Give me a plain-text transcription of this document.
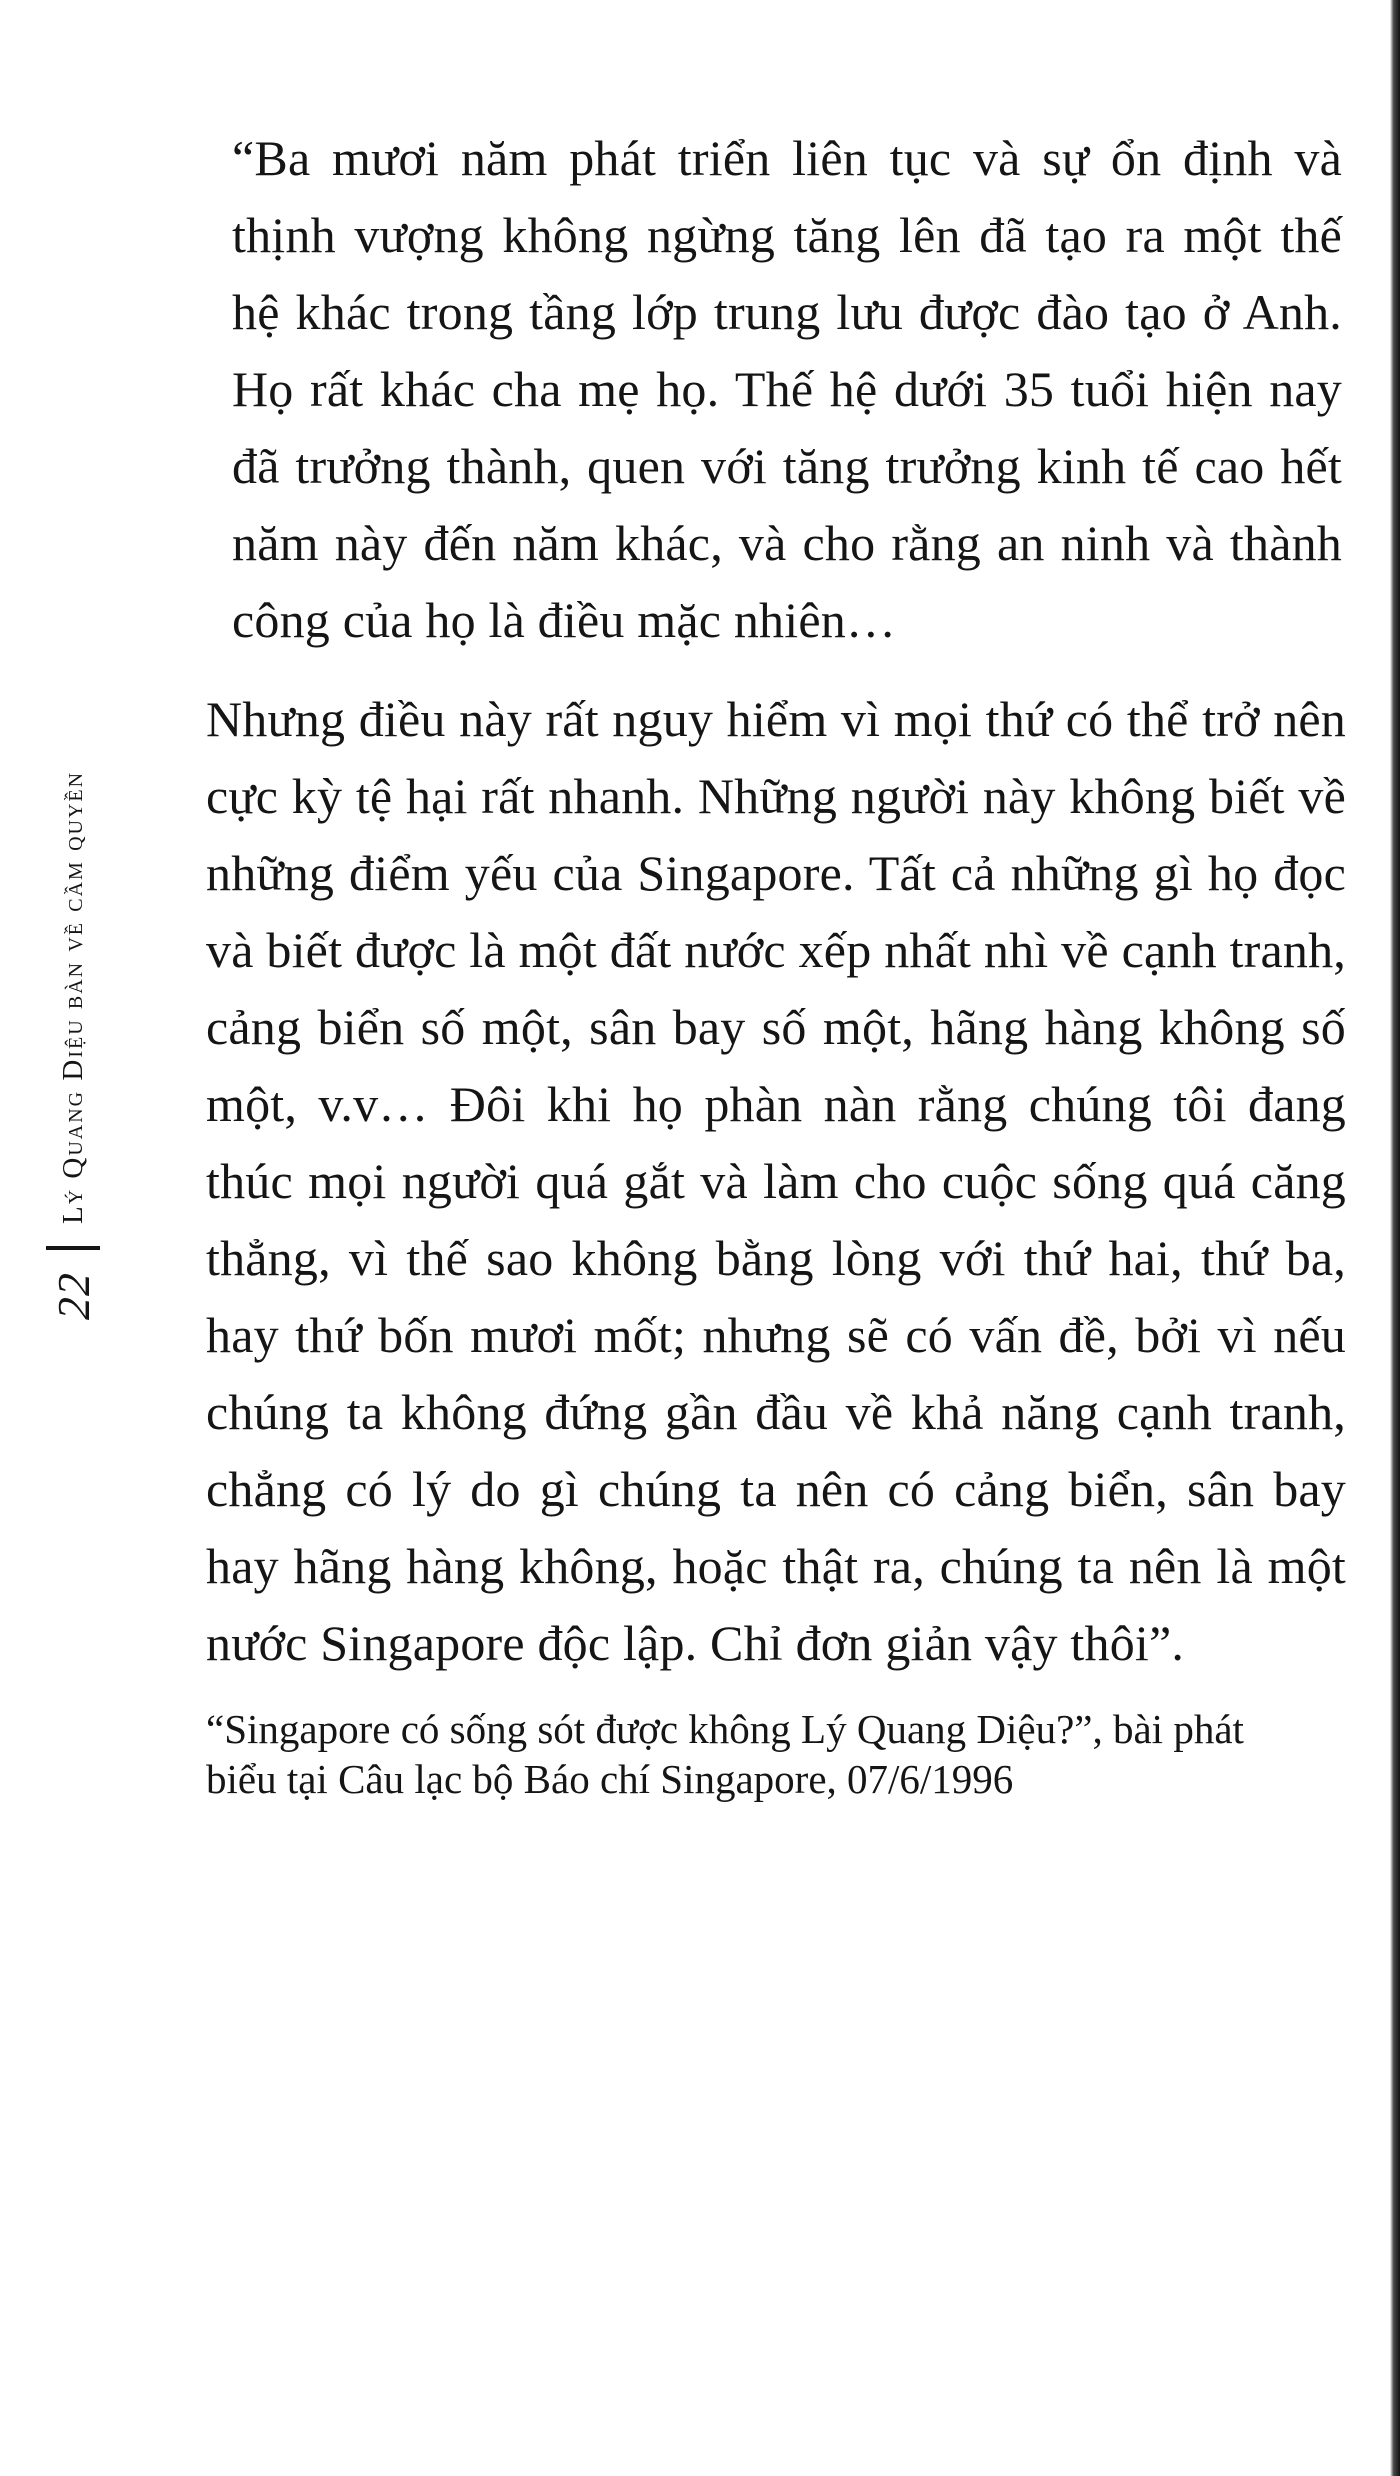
22
Lý Quang Diệu bàn về cầm quyền

“Ba mươi năm phát triển liên tục và sự ổn định và thịnh vượng không ngừng tăng lên đã tạo ra một thế hệ khác trong tầng lớp trung lưu được đào tạo ở Anh. Họ rất khác cha mẹ họ. Thế hệ dưới 35 tuổi hiện nay đã trưởng thành, quen với tăng trưởng kinh tế cao hết năm này đến năm khác, và cho rằng an ninh và thành công của họ là điều mặc nhiên…

Nhưng điều này rất nguy hiểm vì mọi thứ có thể trở nên cực kỳ tệ hại rất nhanh. Những người này không biết về những điểm yếu của Singapore. Tất cả những gì họ đọc và biết được là một đất nước xếp nhất nhì về cạnh tranh, cảng biển số một, sân bay số một, hãng hàng không số một, v.v… Đôi khi họ phàn nàn rằng chúng tôi đang thúc mọi người quá gắt và làm cho cuộc sống quá căng thẳng, vì thế sao không bằng lòng với thứ hai, thứ ba, hay thứ bốn mươi mốt; nhưng sẽ có vấn đề, bởi vì nếu chúng ta không đứng gần đầu về khả năng cạnh tranh, chẳng có lý do gì chúng ta nên có cảng biển, sân bay hay hãng hàng không, hoặc thật ra, chúng ta nên là một nước Singapore độc lập. Chỉ đơn giản vậy thôi”.

“Singapore có sống sót được không Lý Quang Diệu?”, bài phát biểu tại Câu lạc bộ Báo chí Singapore, 07/6/1996
